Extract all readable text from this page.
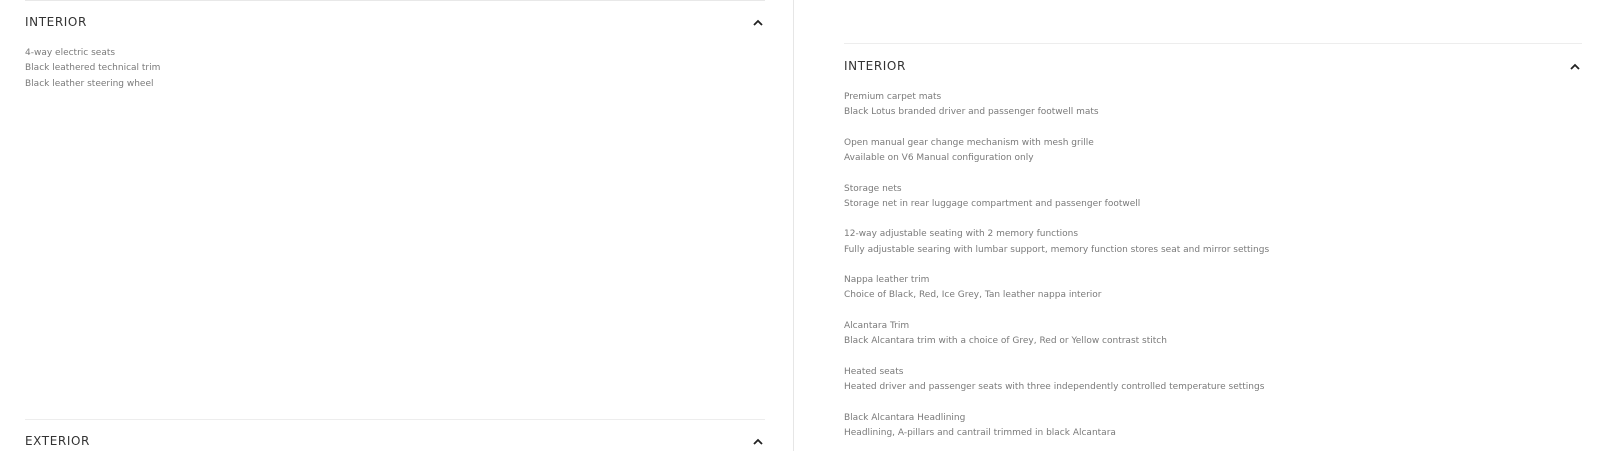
INTERIOR
4-way electric seats
Black leathered technical trim
Black leather steering wheel
EXTERIOR
INTERIOR
Premium carpet mats
Black Lotus branded driver and passenger footwell mats
Open manual gear change mechanism with mesh grille
Available on V6 Manual configuration only
Storage nets
Storage net in rear luggage compartment and passenger footwell
12-way adjustable seating with 2 memory functions
Fully adjustable searing with lumbar support, memory function stores seat and mirror settings
Nappa leather trim
Choice of Black, Red, Ice Grey, Tan leather nappa interior
Alcantara Trim
Black Alcantara trim with a choice of Grey, Red or Yellow contrast stitch
Heated seats
Heated driver and passenger seats with three independently controlled temperature settings
Black Alcantara Headlining
Headlining, A-pillars and cantrail trimmed in black Alcantara
